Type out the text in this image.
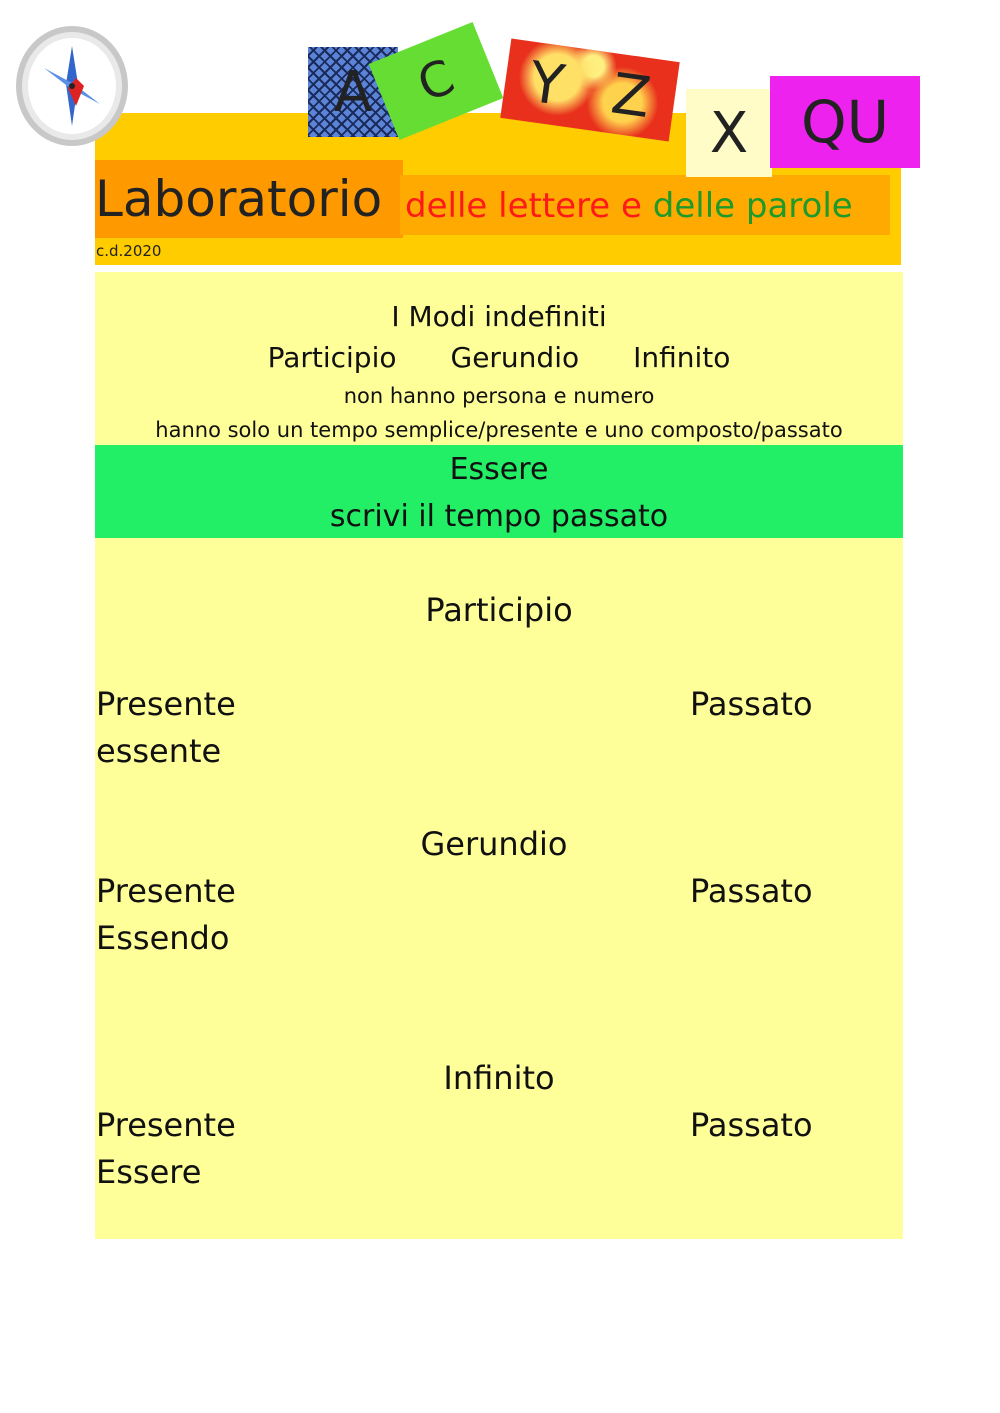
A C Y Z
X QU
Laboratorio delle lettere e delle parole
c.d.2020
I Modi indefiniti
Participio Gerundio Infinito
non hanno persona e numero
hanno solo un tempo semplice/presente e uno composto/passato
Essere
scrivi il tempo passato
Participio
Presente	Passato
essente
Gerundio
Presente	Passato
Essendo
Infinito
Presente	Passato
Essere
